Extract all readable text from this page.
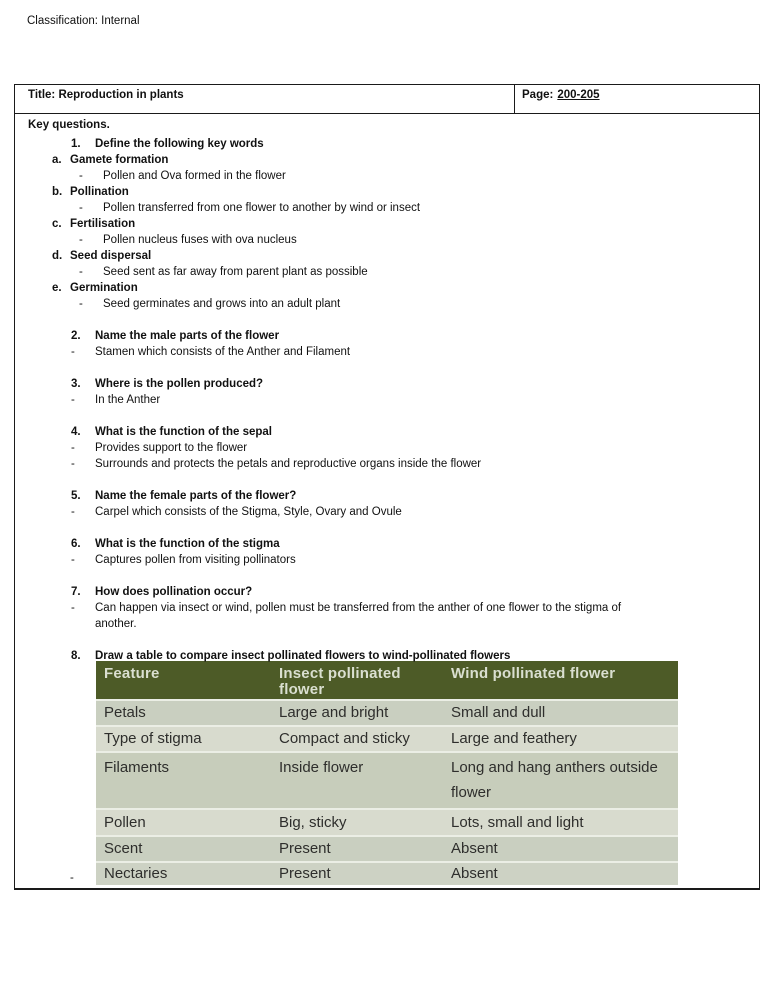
Classification: Internal
Title: Reproduction in plants	Page: 200-205
Key questions.
1.	Define the following key words
a. Gamete formation
-	Pollen and Ova formed in the flower
b. Pollination
-	Pollen transferred from one flower to another by wind or insect
c. Fertilisation
-	Pollen nucleus fuses with ova nucleus
d. Seed dispersal
-	Seed sent as far away from parent plant as possible
e. Germination
-	Seed germinates and grows into an adult plant
2.	Name the male parts of the flower
-	Stamen which consists of the Anther and Filament
3.	Where is the pollen produced?
-	In the Anther
4.	What is the function of the sepal
-	Provides support to the flower
-	Surrounds and protects the petals and reproductive organs inside the flower
5.	Name the female parts of the flower?
-	Carpel which consists of the Stigma, Style, Ovary and Ovule
6.	What is the function of the stigma
-	Captures pollen from visiting pollinators
7.	How does pollination occur?
-	Can happen via insect or wind, pollen must be transferred from the anther of one flower to the stigma of another.
8.	Draw a table to compare insect pollinated flowers to wind-pollinated flowers
Feature	Insect pollinated flower	Wind pollinated flower
Petals	Large and bright	Small and dull
Type of stigma	Compact and sticky	Large and feathery
Filaments	Inside flower	Long and hang anthers outside flower
Pollen	Big, sticky	Lots, small and light
Scent	Present	Absent
Nectaries	Present	Absent
-
